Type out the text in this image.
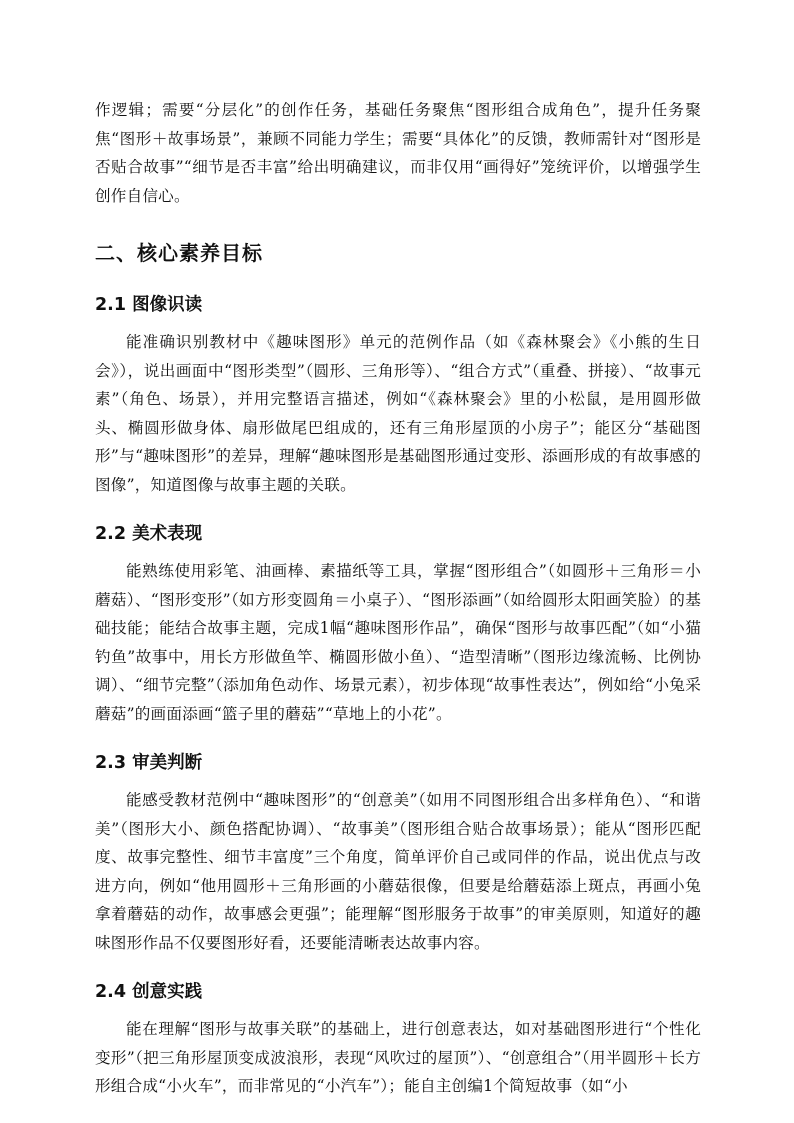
作逻辑；需要“分层化”的创作任务，基础任务聚焦“图形组合成角色”，提升任务聚焦“图形＋故事场景”，兼顾不同能力学生；需要“具体化”的反馈，教师需针对“图形是否贴合故事”“细节是否丰富”给出明确建议，而非仅用“画得好”笼统评价，以增强学生创作自信心。

二、核心素养目标
2.1 图像识读

能准确识别教材中《趣味图形》单元的范例作品（如《森林聚会》《小熊的生日会》），说出画面中“图形类型”（圆形、三角形等）、“组合方式”（重叠、拼接）、“故事元素”（角色、场景），并用完整语言描述，例如“《森林聚会》里的小松鼠，是用圆形做头、椭圆形做身体、扇形做尾巴组成的，还有三角形屋顶的小房子”；能区分“基础图形”与“趣味图形”的差异，理解“趣味图形是基础图形通过变形、添画形成的有故事感的图像”，知道图像与故事主题的关联。

2.2 美术表现

能熟练使用彩笔、油画棒、素描纸等工具，掌握“图形组合”（如圆形＋三角形＝小蘑菇）、“图形变形”（如方形变圆角＝小桌子）、“图形添画”（如给圆形太阳画笑脸）的基础技能；能结合故事主题，完成1幅“趣味图形作品”，确保“图形与故事匹配”（如“小猫钓鱼”故事中，用长方形做鱼竿、椭圆形做小鱼）、“造型清晰”（图形边缘流畅、比例协调）、“细节完整”（添加角色动作、场景元素），初步体现“故事性表达”，例如给“小兔采蘑菇”的画面添画“篮子里的蘑菇”“草地上的小花”。

2.3 审美判断

能感受教材范例中“趣味图形”的“创意美”（如用不同图形组合出多样角色）、“和谐美”（图形大小、颜色搭配协调）、“故事美”（图形组合贴合故事场景）；能从“图形匹配度、故事完整性、细节丰富度”三个角度，简单评价自己或同伴的作品，说出优点与改进方向，例如“他用圆形＋三角形画的小蘑菇很像，但要是给蘑菇添上斑点，再画小兔拿着蘑菇的动作，故事感会更强”；能理解“图形服务于故事”的审美原则，知道好的趣味图形作品不仅要图形好看，还要能清晰表达故事内容。

2.4 创意实践

能在理解“图形与故事关联”的基础上，进行创意表达，如对基础图形进行“个性化变形”（把三角形屋顶变成波浪形，表现“风吹过的屋顶”）、“创意组合”（用半圆形＋长方形组合成“小火车”，而非常见的“小汽车”）；能自主创编1个简短故事（如“小
